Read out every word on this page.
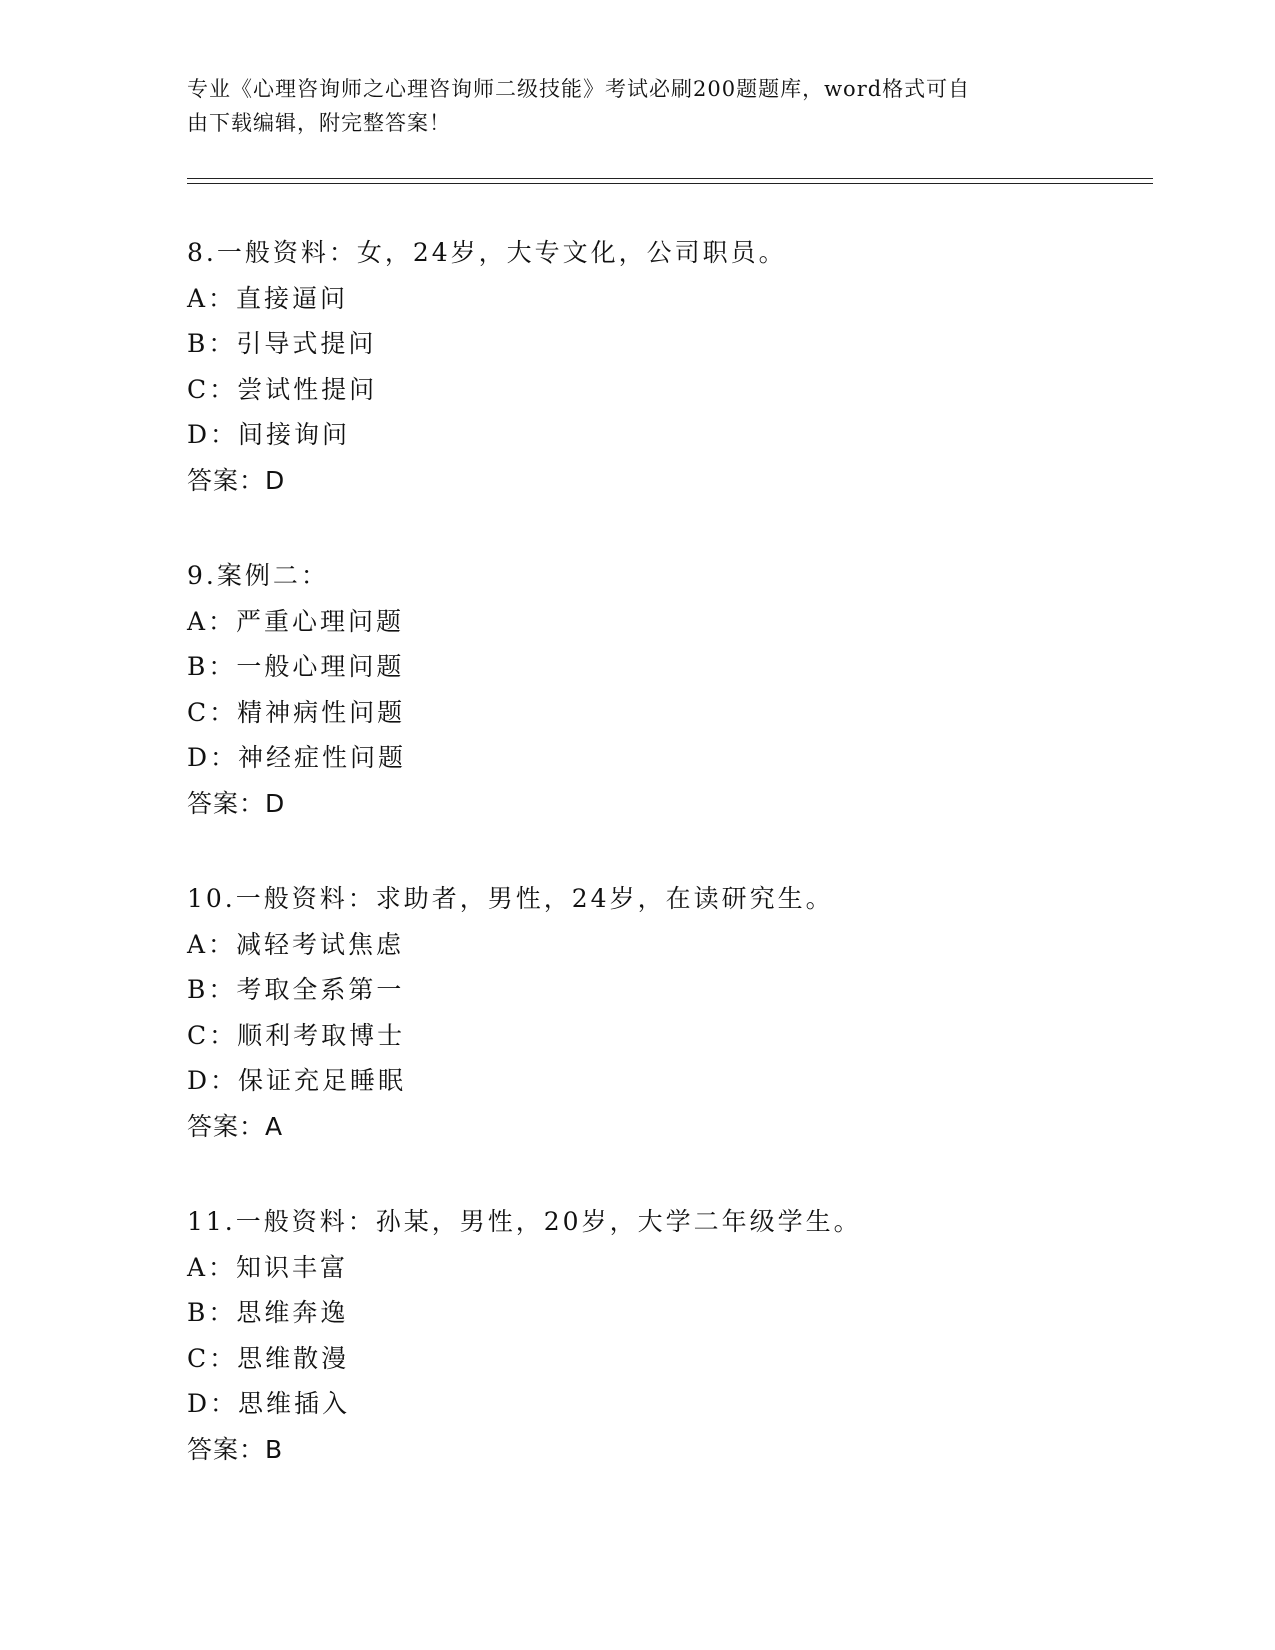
专业《心理咨询师之心理咨询师二级技能》考试必刷200题题库，word格式可自
由下载编辑，附完整答案！
8.一般资料：女，24岁，大专文化，公司职员。
A：直接逼问
B：引导式提问
C：尝试性提问
D：间接询问
答案：D
9.案例二：
A：严重心理问题
B：一般心理问题
C：精神病性问题
D：神经症性问题
答案：D
10.一般资料：求助者，男性，24岁，在读研究生。
A：减轻考试焦虑
B：考取全系第一
C：顺利考取博士
D：保证充足睡眠
答案：A
11.一般资料：孙某，男性，20岁，大学二年级学生。
A：知识丰富
B：思维奔逸
C：思维散漫
D：思维插入
答案：B
